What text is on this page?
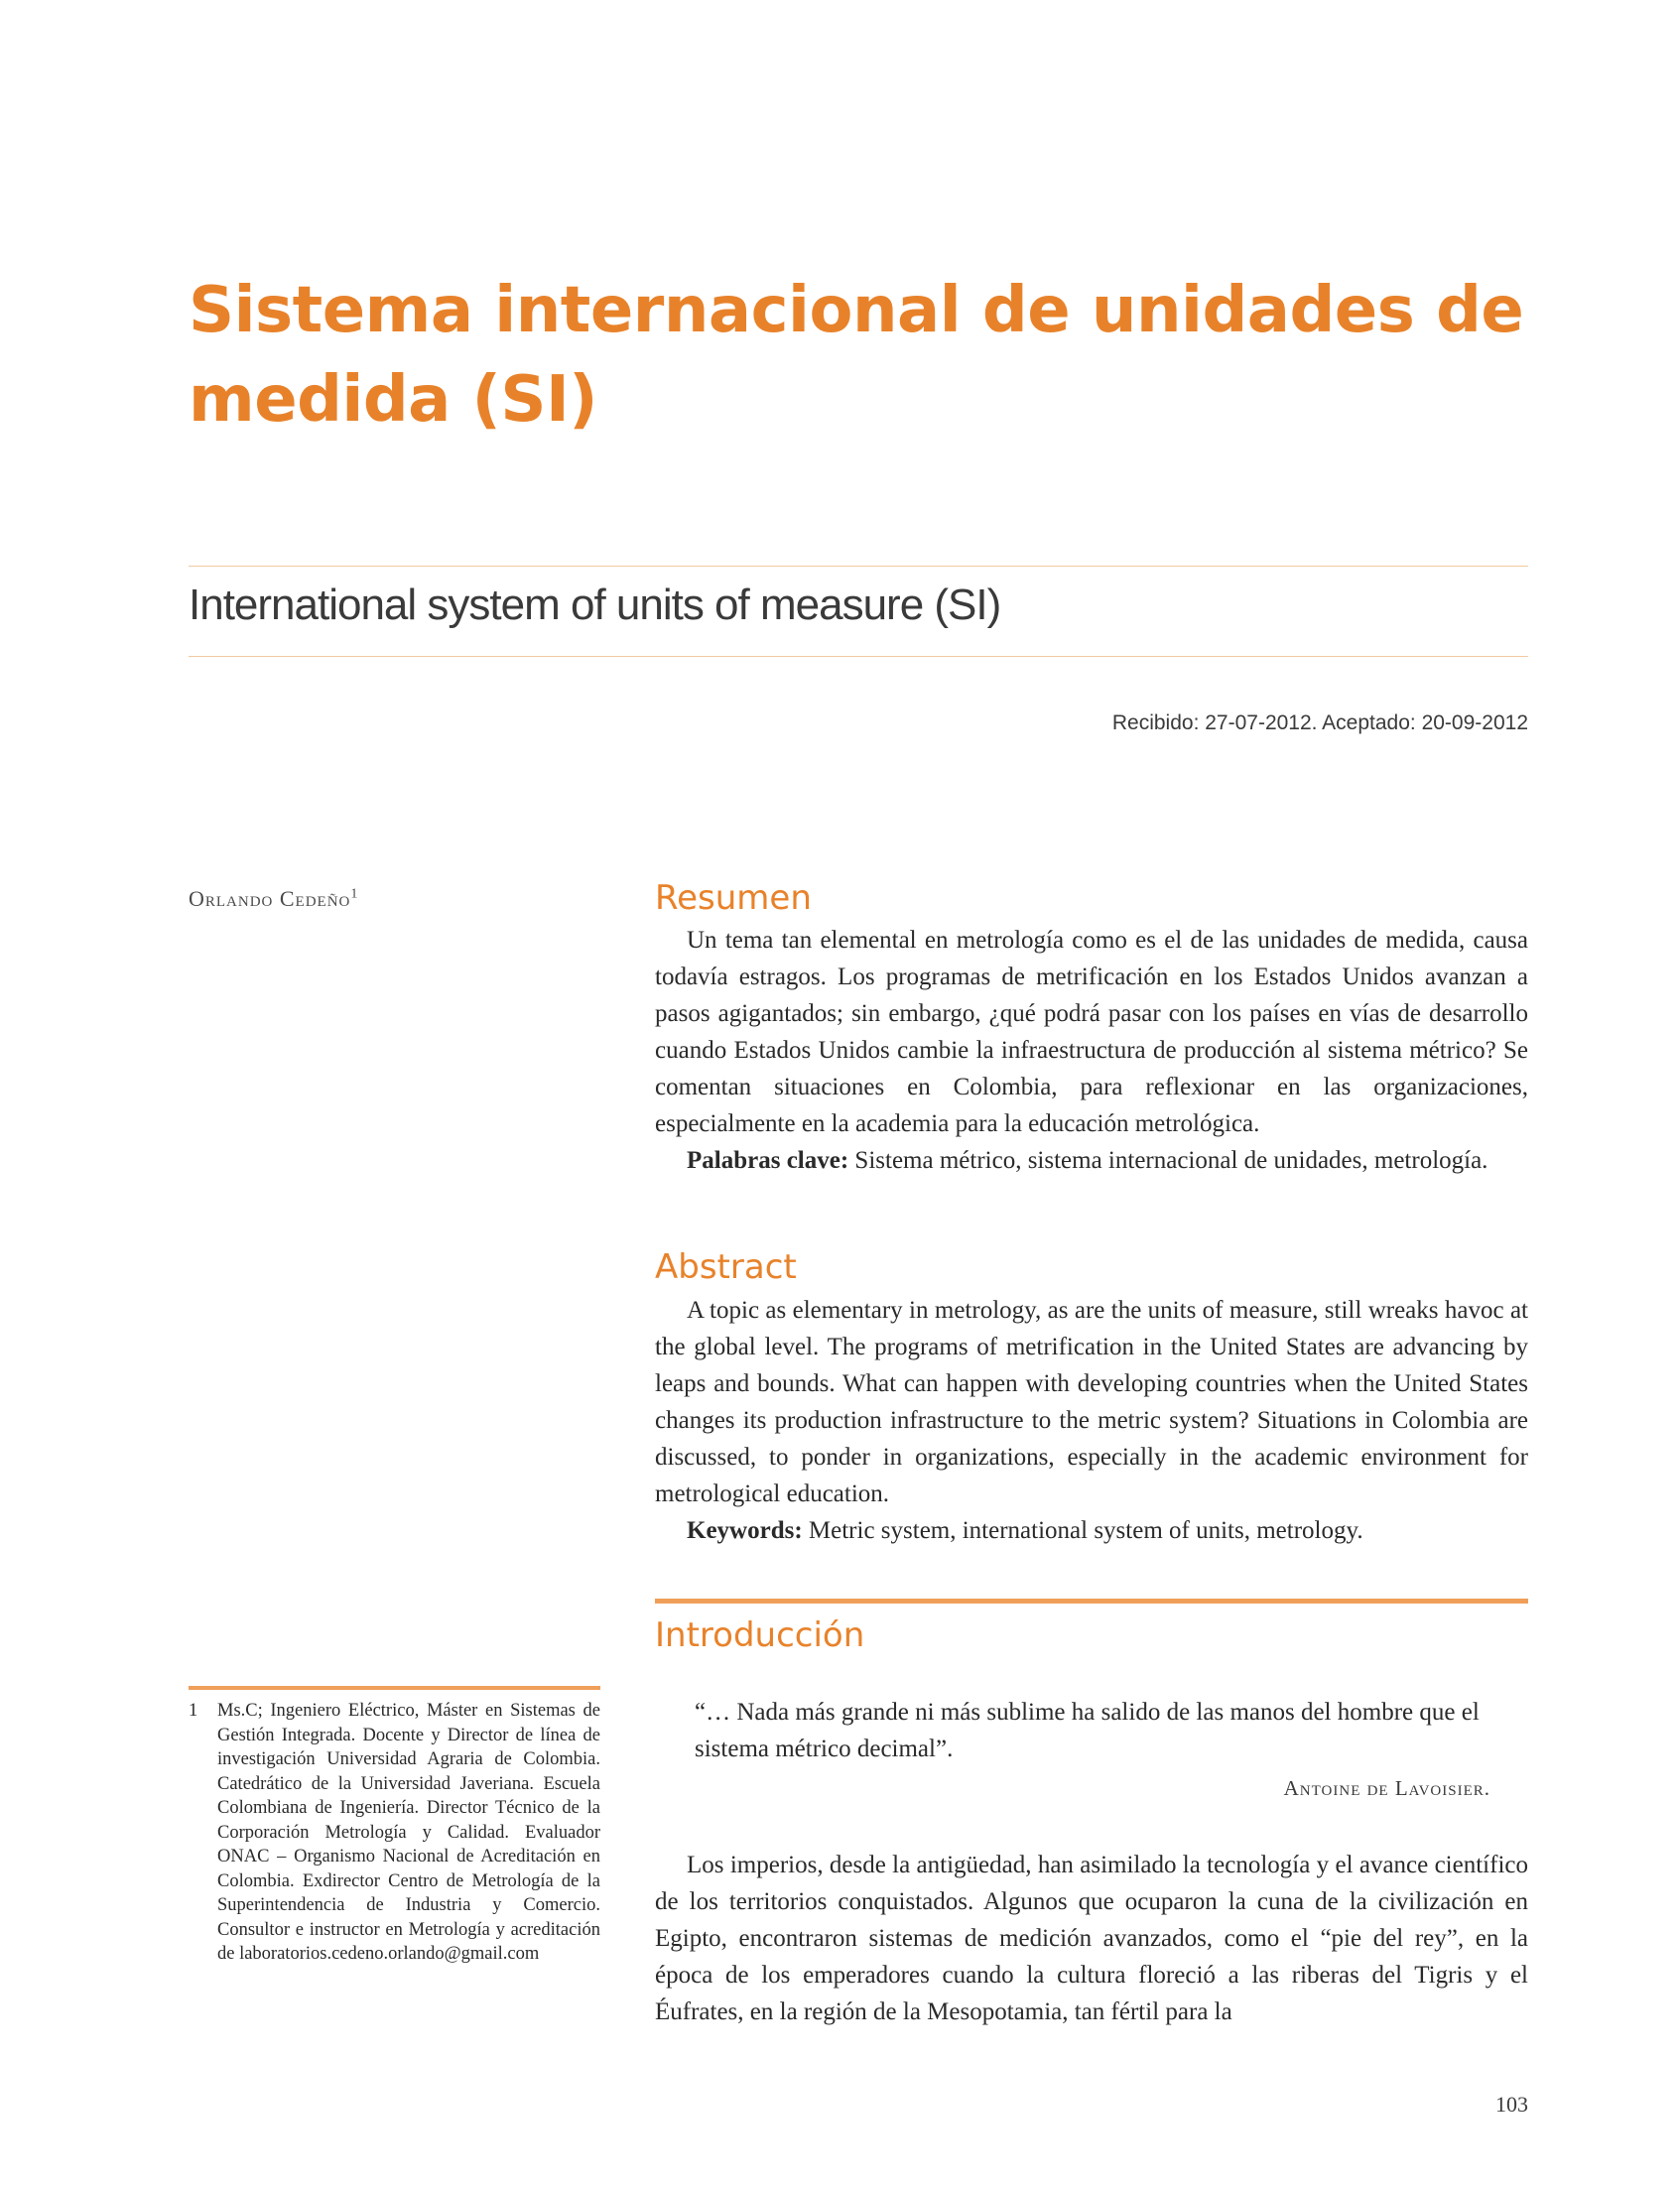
Sistema internacional de unidades de
medida (SI)
International system of units of measure (SI)
Recibido: 27-07-2012. Aceptado: 20-09-2012
Orlando Cedeño$^1$	Resumen

Un tema tan elemental en metrología como es el de las unidades de medida, causa todavía estragos. Los programas de metrificación en los Estados Unidos avanzan a pasos agigantados; sin embargo, ¿qué podrá pasar con los países en vías de desarrollo cuando Estados Unidos cambie la infraestructura de producción al sistema métrico? Se comentan situaciones en Colombia, para reflexionar en las organizaciones, especialmente en la academia para la educación metrológica.

Palabras clave: Sistema métrico, sistema internacional de unidades, metrología.

Abstract

A topic as elementary in metrology, as are the units of measure, still wreaks havoc at the global level. The programs of metrification in the United States are advancing by leaps and bounds. What can happen with developing countries when the United States changes its production infrastructure to the metric system? Situations in Colombia are discussed, to ponder in organizations, especially in the academic environment for metrological education.

Keywords: Metric system, international system of units, metrology.

Introducción
“… Nada más grande ni más sublime ha salido de las manos del hombre que el sistema métrico decimal”.
Antoine de Lavoisier.

Los imperios, desde la antigüedad, han asimilado la tecnología y el avance científico de los territorios conquistados. Algunos que ocuparon la cuna de la civilización en Egipto, encontraron sistemas de medición avanzados, como el “pie del rey”, en la época de los emperadores cuando la cultura floreció a las riberas del Tigris y el Éufrates, en la región de la Mesopotamia, tan fértil para la

1 Ms.C; Ingeniero Eléctrico, Máster en Sistemas de Gestión Integrada. Docente y Director de línea de investigación Universidad Agraria de Colombia. Catedrático de la Universidad Javeriana. Escuela Colombiana de Ingeniería. Director Técnico de la Corporación Metrología y Calidad. Evaluador ONAC – Organismo Nacional de Acreditación en Colombia. Exdirector Centro de Metrología de la Superintendencia de Industria y Comercio. Consultor e instructor en Metrología y acreditación de laboratorios.cedeno.orlando@gmail.com
103
